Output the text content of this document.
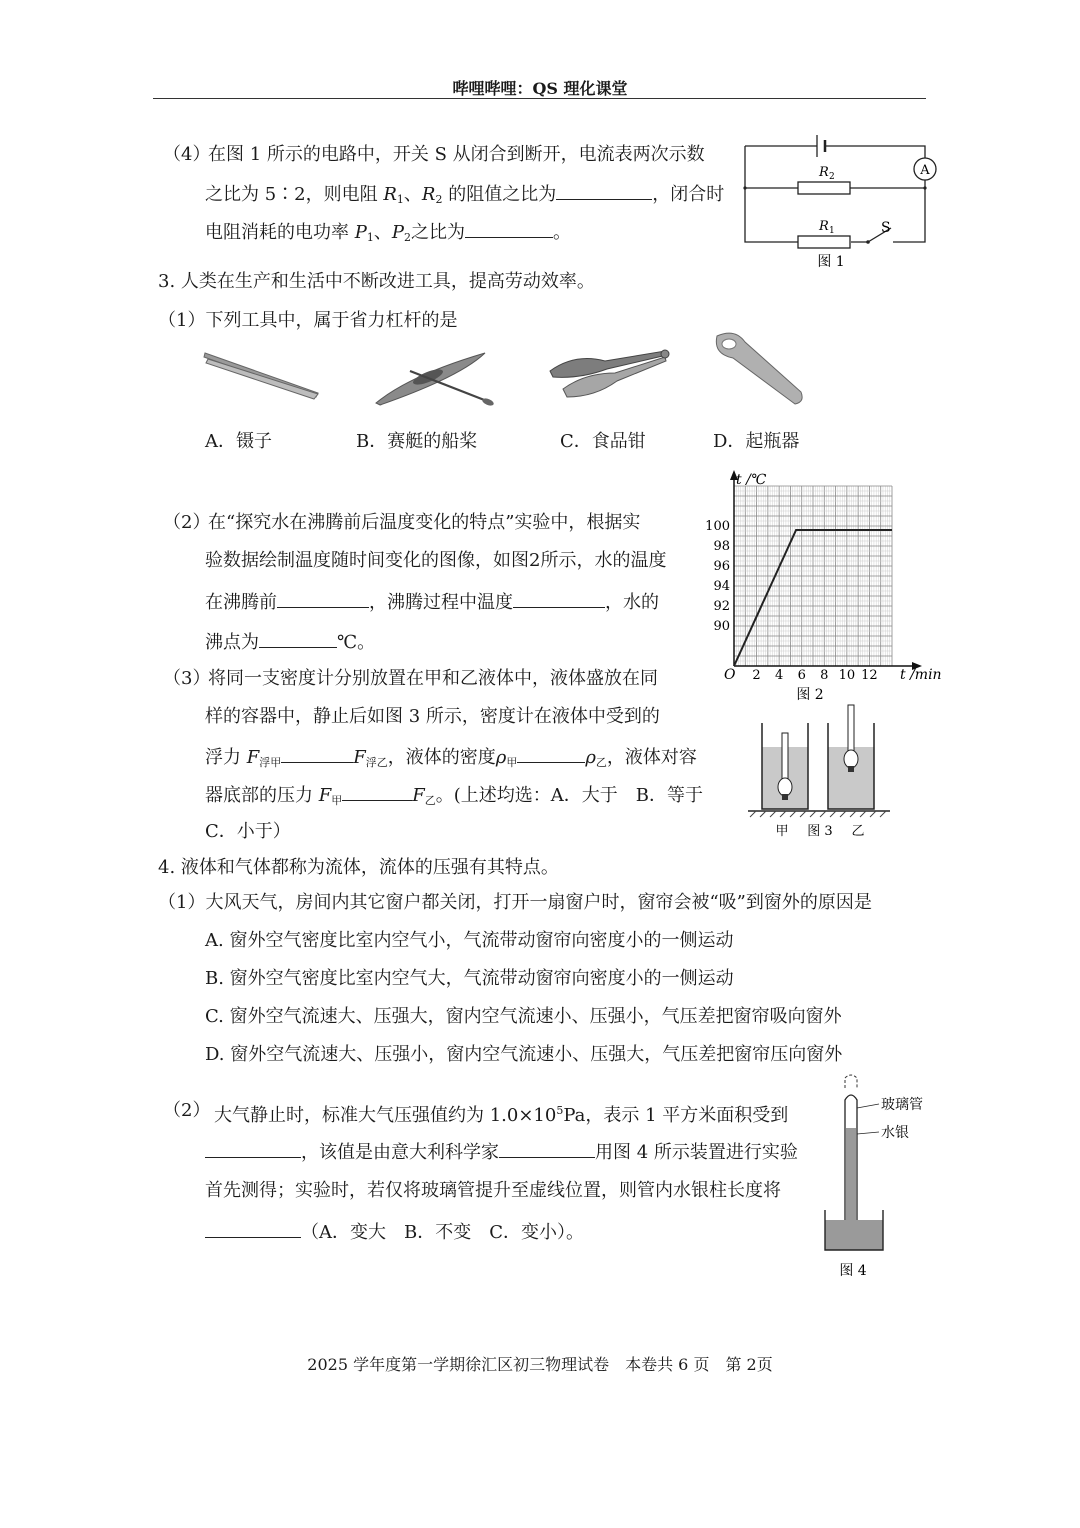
哔哩哔哩：QS 理化课堂
（4）
在图 1 所示的电路中，开关 S 从闭合到断开，电流表两次示数
之比为 5∶2，则电阻 $R_1$、$R_2$ 的阻值之比为	，闭合时
电阻消耗的电功率 $P_1$、$P_2$之比为	。
A
R 2
R 1	S
图 1
3. 人类在生产和生活中不断改进工具，提高劳动效率。
（1）下列工具中，属于省力杠杆的是
A．镊子	B．赛艇的船桨	C．食品钳	D．起瓶器
（2）
在“探究水在沸腾前后温度变化的特点”实验中，根据实
验数据绘制温度随时间变化的图像，如图2所示，水的温度
在沸腾前	，沸腾过程中温度	，水的
沸点为	℃。
2 4 6 8 10 12
90
92
94
96
98
100
t /℃
t /min
O
图 2
（3）
将同一支密度计分别放置在甲和乙液体中，液体盛放在同
样的容器中，静止后如图 3 所示，密度计在液体中受到的
浮力 $F_{浮甲}$	$F_{浮乙}$，液体的密度$\rho_甲$	$\rho_乙$，液体对容
器底部的压力 $F_甲$	$F_乙$。(上述均选：A．大于　B．等于
C．小于）	甲 图 3 乙
4. 液体和气体都称为流体，流体的压强有其特点。
（1）大风天气，房间内其它窗户都关闭，打开一扇窗户时，窗帘会被“吸”到窗外的原因是
A. 窗外空气密度比室内空气小，气流带动窗帘向密度小的一侧运动
B. 窗外空气密度比室内空气大，气流带动窗帘向密度小的一侧运动
C. 窗外空气流速大、压强大，窗内空气流速小、压强小，气压差把窗帘吸向窗外
D. 窗外空气流速大、压强小，窗内空气流速小、压强大，气压差把窗帘压向窗外
（2） 大气静止时，标准大气压强值约为 $1.0\times 10^5Pa$，表示 1 平方米面积受到
，该值是由意大利科学家	用图 4 所示装置进行实验
首先测得；实验时，若仅将玻璃管提升至虚线位置，则管内水银柱长度将
（A．变大　B．不变　C．变小）。
玻璃管
水银
图 4
2025 学年度第一学期徐汇区初三物理试卷　本卷共 6 页　第 2页
